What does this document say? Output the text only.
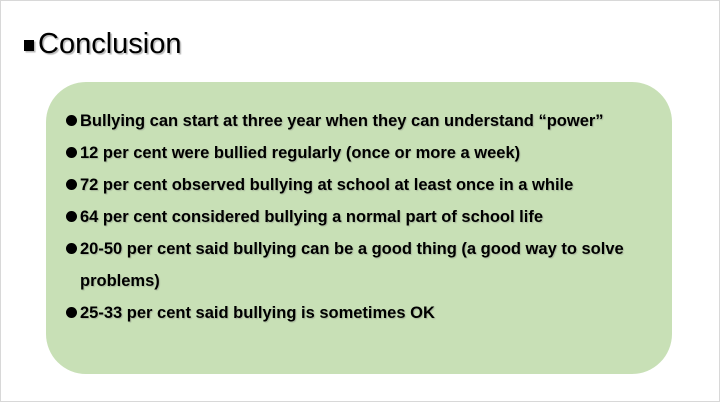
Conclusion
Bullying can start at three year when they can understand “power”
12 per cent were bullied regularly (once or more a week)
72 per cent observed bullying at school at least once in a while
64 per cent considered bullying a normal part of school life
20-50 per cent said bullying can be a good thing (a good way to solve problems)
25-33 per cent said bullying is sometimes OK
